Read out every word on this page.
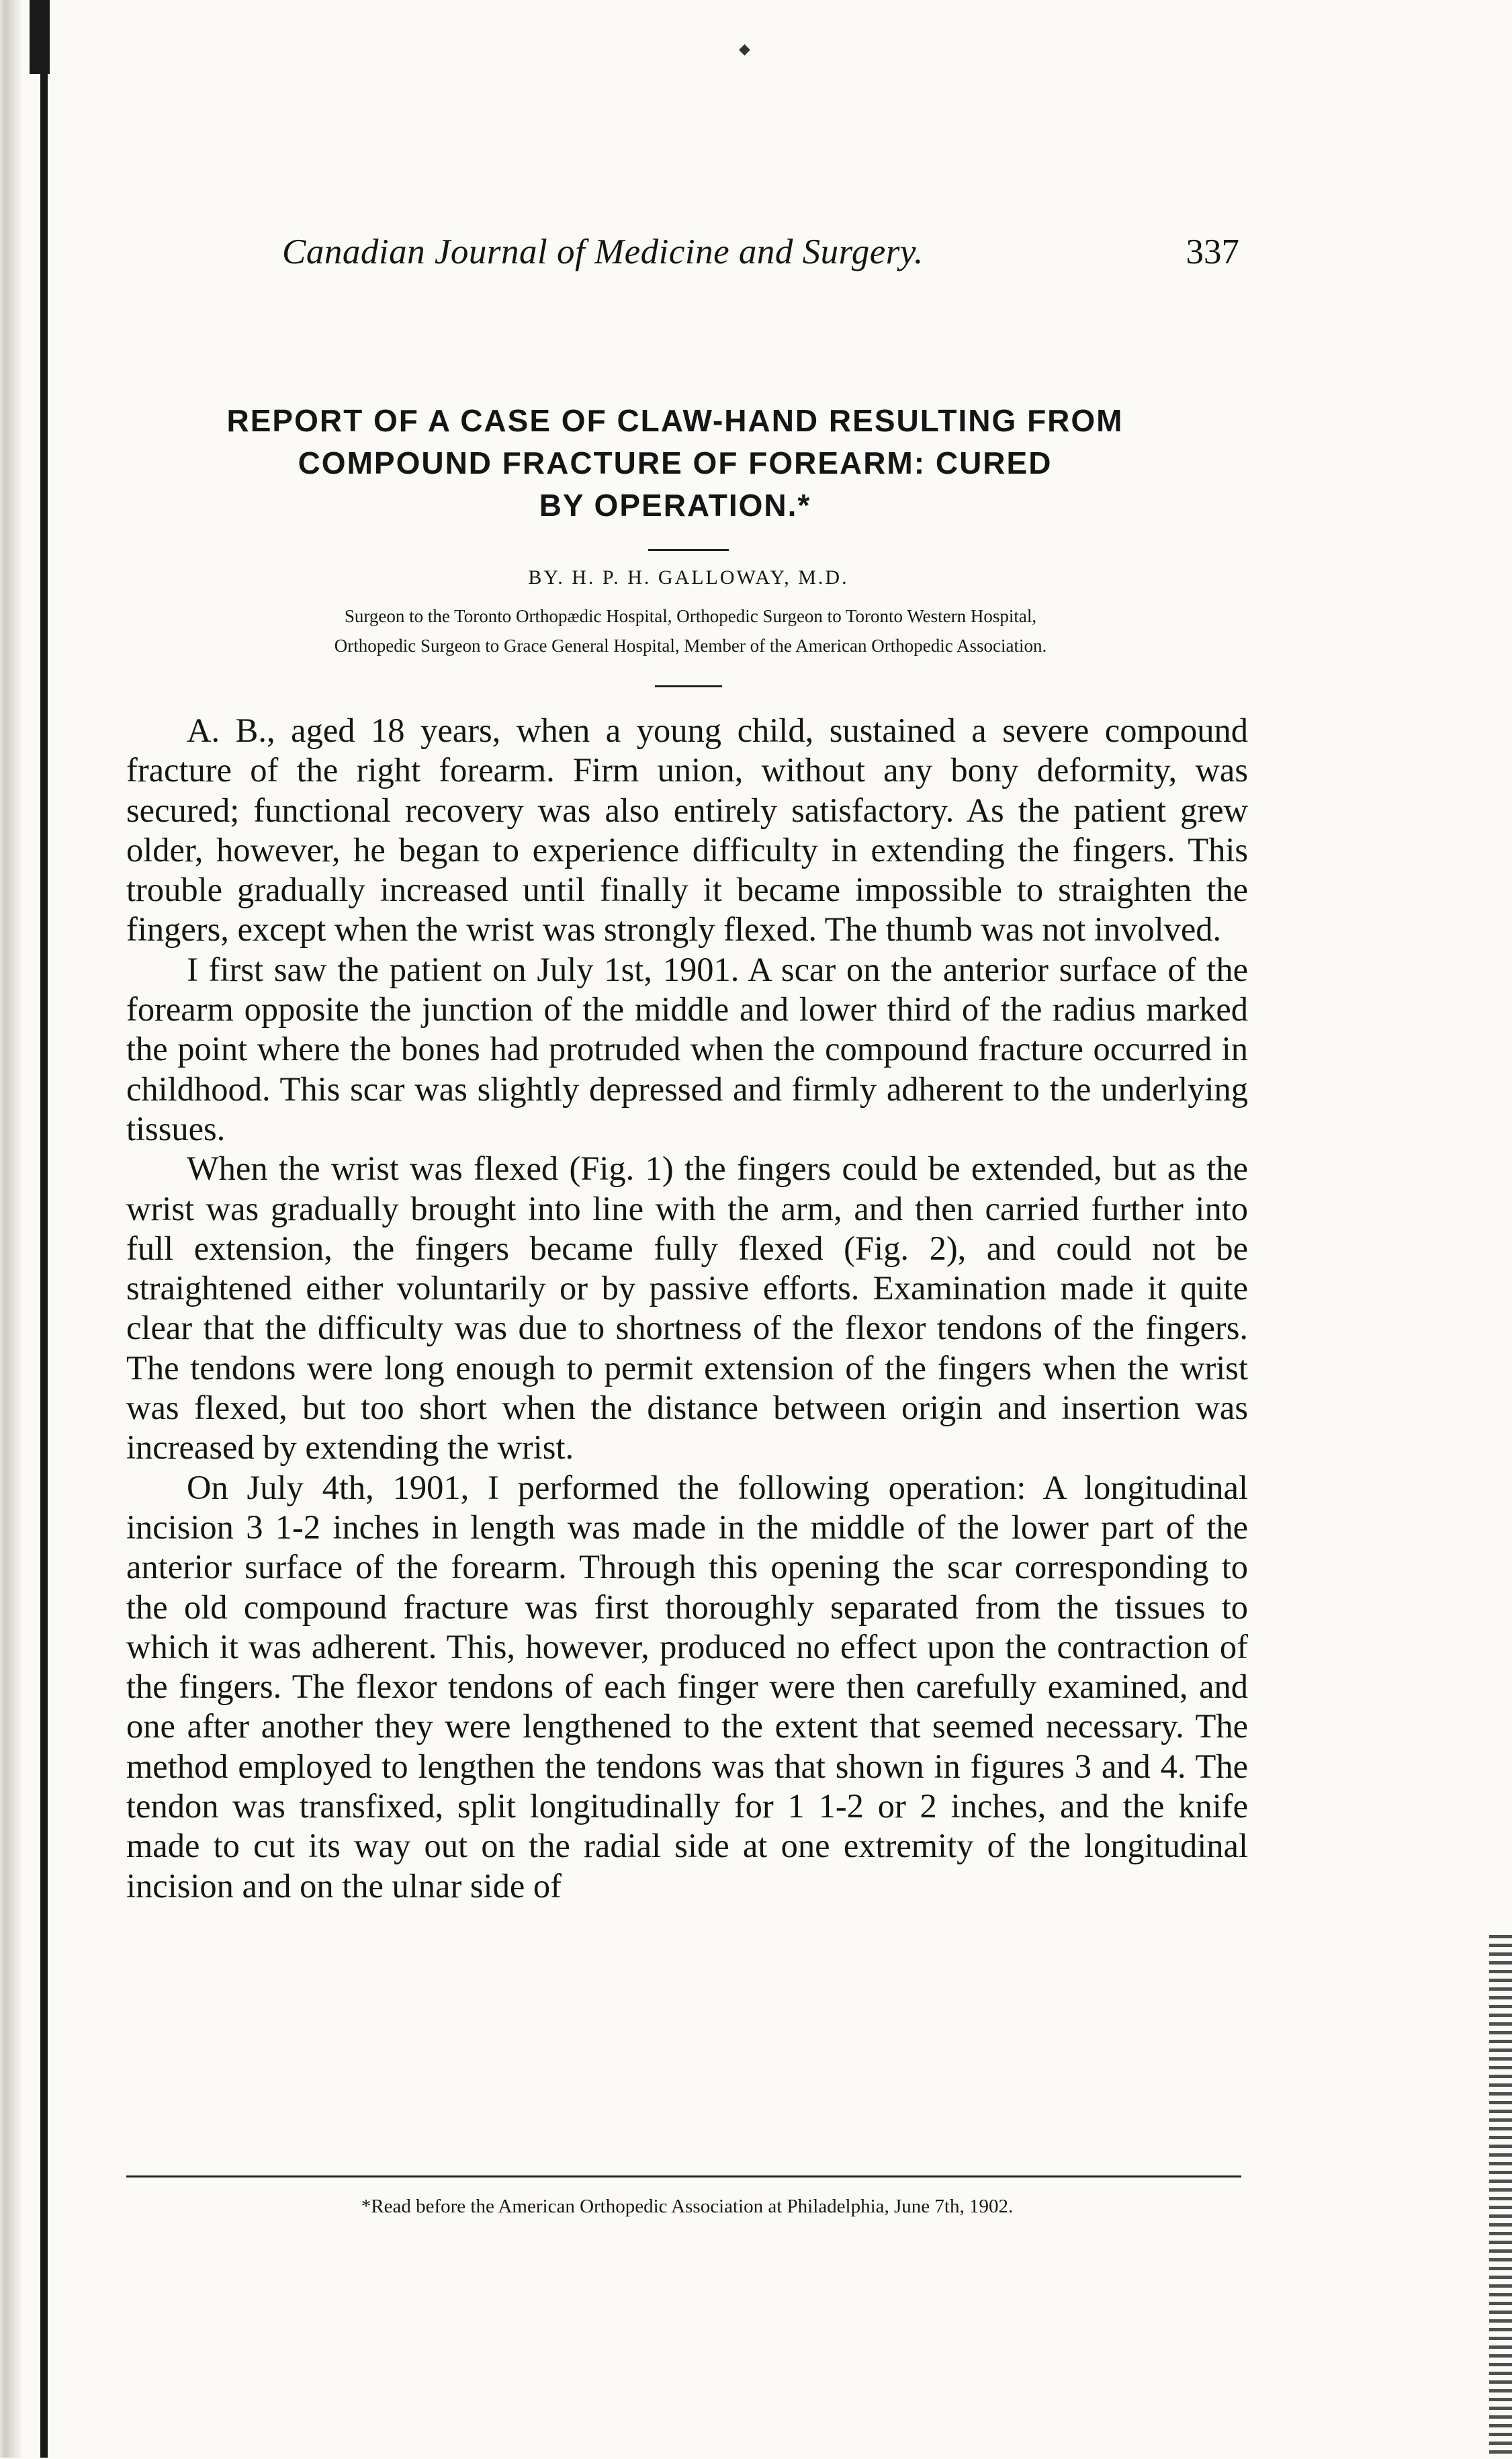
◆
Canadian Journal of Medicine and Surgery.	337
REPORT OF A CASE OF CLAW-HAND RESULTING FROM
COMPOUND FRACTURE OF FOREARM: CURED
BY OPERATION.*
BY. H. P. H. GALLOWAY, M.D.
Surgeon to the Toronto Orthopædic Hospital, Orthopedic Surgeon to Toronto Western Hospital,
Orthopedic Surgeon to Grace General Hospital, Member of the American Orthopedic Association.

A. B., aged 18 years, when a young child, sustained a severe compound fracture of the right forearm. Firm union, without any bony deformity, was secured; functional recovery was also entirely satisfactory. As the patient grew older, however, he began to experience difficulty in extending the fingers. This trouble gradually increased until finally it became impossible to straighten the fingers, except when the wrist was strongly flexed. The thumb was not involved.

I first saw the patient on July 1st, 1901. A scar on the anterior surface of the forearm opposite the junction of the middle and lower third of the radius marked the point where the bones had protruded when the compound fracture occurred in childhood. This scar was slightly depressed and firmly adherent to the underlying tissues.

When the wrist was flexed (Fig. 1) the fingers could be extended, but as the wrist was gradually brought into line with the arm, and then carried further into full extension, the fingers became fully flexed (Fig. 2), and could not be straightened either voluntarily or by passive efforts. Examination made it quite clear that the difficulty was due to shortness of the flexor tendons of the fingers. The tendons were long enough to permit extension of the fingers when the wrist was flexed, but too short when the distance between origin and insertion was increased by extending the wrist.

On July 4th, 1901, I performed the following operation: A longitudinal incision 3 1-2 inches in length was made in the middle of the lower part of the anterior surface of the forearm. Through this opening the scar corresponding to the old compound fracture was first thoroughly separated from the tissues to which it was adherent. This, however, produced no effect upon the contraction of the fingers. The flexor tendons of each finger were then carefully examined, and one after another they were lengthened to the extent that seemed necessary. The method employed to lengthen the tendons was that shown in figures 3 and 4. The tendon was transfixed, split longitudinally for 1 1-2 or 2 inches, and the knife made to cut its way out on the radial side at one extremity of the longitudinal incision and on the ulnar side of

*Read before the American Orthopedic Association at Philadelphia, June 7th, 1902.
